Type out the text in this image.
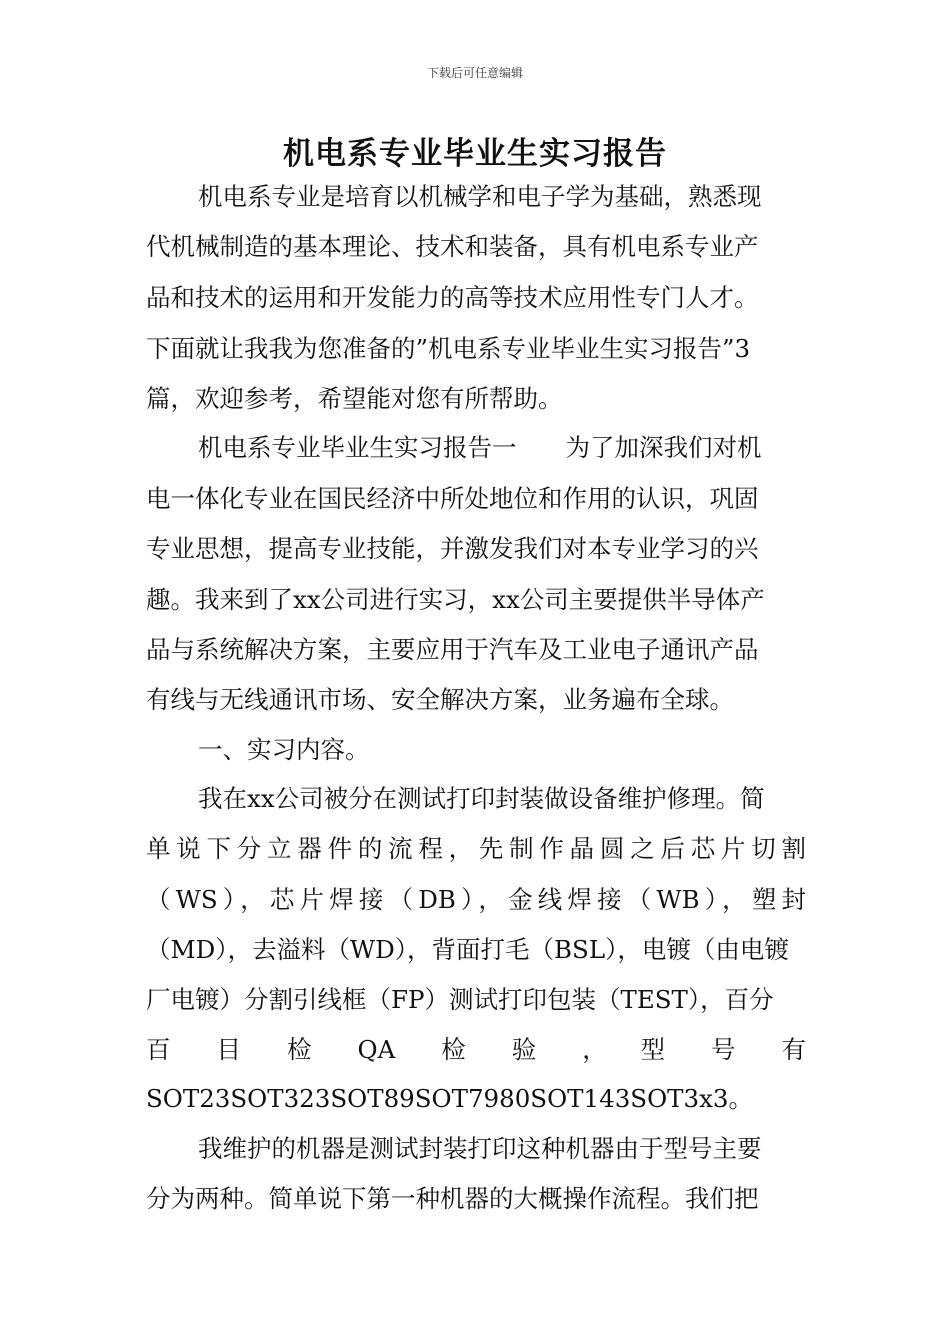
下载后可任意编辑
机电系专业毕业生实习报告
机电系专业是培育以机械学和电子学为基础，熟悉现
代机械制造的基本理论、技术和装备，具有机电系专业产
品和技术的运用和开发能力的高等技术应用性专门人才。
下面就让我我为您准备的”机电系专业毕业生实习报告”3
篇，欢迎参考，希望能对您有所帮助。
机电系专业毕业生实习报告一　　为了加深我们对机
电一体化专业在国民经济中所处地位和作用的认识，巩固
专业思想，提高专业技能，并激发我们对本专业学习的兴
趣。我来到了xx公司进行实习，xx公司主要提供半导体产
品与系统解决方案，主要应用于汽车及工业电子通讯产品
有线与无线通讯市场、安全解决方案，业务遍布全球。
一、实习内容。
我在xx公司被分在测试打印封装做设备维护修理。简
单说下分立器件的流程，先制作晶圆之后芯片切割
（WS），芯片焊接（DB），金线焊接（WB），塑封
（MD），去溢料（WD），背面打毛（BSL），电镀（由电镀
厂电镀）分割引线框（FP）测试打印包装（TEST），百分
百　目　检　QA　检　验　，　型　号　有
SOT23SOT323SOT89SOT7980SOT143SOT3x3。
我维护的机器是测试封装打印这种机器由于型号主要
分为两种。简单说下第一种机器的大概操作流程。我们把
